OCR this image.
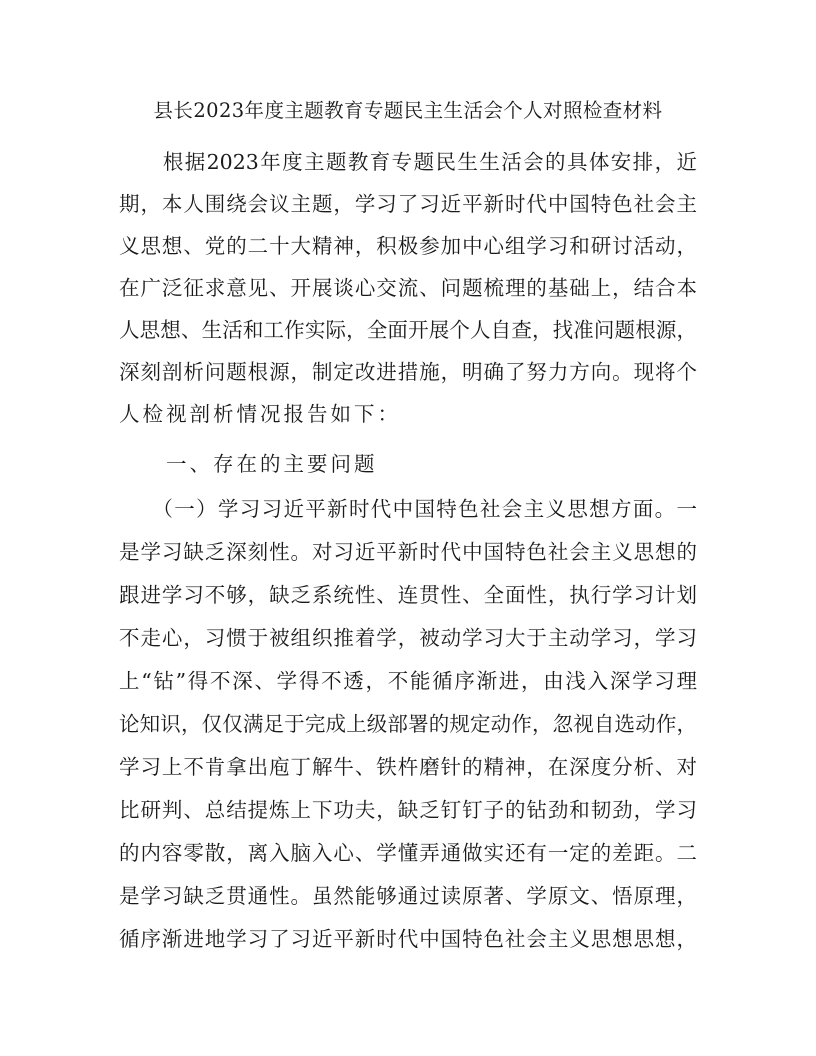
县长2023年度主题教育专题民主生活会个人对照检查材料
　　根据2023年度主题教育专题民生生活会的具体安排，近
期，本人围绕会议主题，学习了习近平新时代中国特色社会主
义思想、党的二十大精神，积极参加中心组学习和研讨活动，
在广泛征求意见、开展谈心交流、问题梳理的基础上，结合本
人思想、生活和工作实际，全面开展个人自查，找准问题根源，
深刻剖析问题根源，制定改进措施，明确了努力方向。现将个
人检视剖析情况报告如下：
　　一、存在的主要问题
　　（一）学习习近平新时代中国特色社会主义思想方面。一
是学习缺乏深刻性。对习近平新时代中国特色社会主义思想的
跟进学习不够，缺乏系统性、连贯性、全面性，执行学习计划
不走心，习惯于被组织推着学，被动学习大于主动学习，学习
上“钻”得不深、学得不透，不能循序渐进，由浅入深学习理
论知识，仅仅满足于完成上级部署的规定动作，忽视自选动作，
学习上不肯拿出庖丁解牛、铁杵磨针的精神，在深度分析、对
比研判、总结提炼上下功夫，缺乏钉钉子的钻劲和韧劲，学习
的内容零散，离入脑入心、学懂弄通做实还有一定的差距。二
是学习缺乏贯通性。虽然能够通过读原著、学原文、悟原理，
循序渐进地学习了习近平新时代中国特色社会主义思想思想，
